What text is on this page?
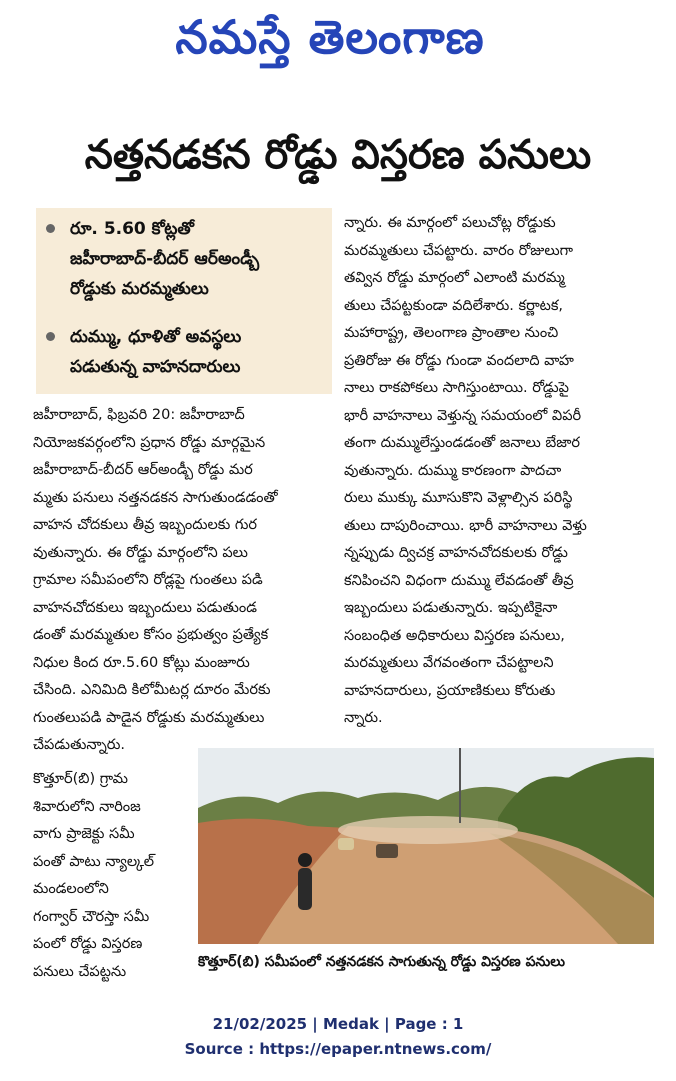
నమస్తే తెలంగాణ
నత్తనడకన రోడ్డు విస్తరణ పనులు
రూ. 5.60 కోట్లతో
జహీరాబాద్-బీదర్ ఆర్అండ్బీ
రోడ్డుకు మరమ్మతులు
దుమ్ము, ధూళితో అవస్థలు
పడుతున్న వాహనదారులు

జహీరాబాద్, ఫిబ్రవరి 20: జహీరాబాద్

నియోజకవర్గంలోని ప్రధాన రోడ్డు మార్గమైన

జహీరాబాద్-బీదర్ ఆర్అండ్బీ రోడ్డు మర

మ్మతు పనులు నత్తనడకన సాగుతుండడంతో

వాహన చోదకులు తీవ్ర ఇబ్బందులకు గుర

వుతున్నారు. ఈ రోడ్డు మార్గంలోని పలు

గ్రామాల సమీపంలోని రోడ్లపై గుంతలు పడి

వాహనచోదకులు ఇబ్బందులు పడుతుండ

డంతో మరమ్మతుల కోసం ప్రభుత్వం ప్రత్యేక

నిధుల కింద రూ.5.60 కోట్లు మంజూరు

చేసింది. ఎనిమిది కిలోమీటర్ల దూరం మేరకు

గుంతలుపడి పాడైన రోడ్డుకు మరమ్మతులు

చేపడుతున్నారు.

కొత్తూర్(బి) గ్రామ

శివారులోని నారింజ

వాగు ప్రాజెక్టు సమీ

పంతో పాటు న్యాల్కల్

మండలంలోని

గంగ్వార్ చౌరస్తా సమీ

పంలో రోడ్డు విస్తరణ

పనులు చేపట్టను

న్నారు. ఈ మార్గంలో పలుచోట్ల రోడ్డుకు

మరమ్మతులు చేపట్టారు. వారం రోజులుగా

తవ్విన రోడ్డు మార్గంలో ఎలాంటి మరమ్మ

తులు చేపట్టకుండా వదిలేశారు. కర్ణాటక,

మహారాష్ట్ర, తెలంగాణ ప్రాంతాల నుంచి

ప్రతిరోజు ఈ రోడ్డు గుండా వందలాది వాహ

నాలు రాకపోకలు సాగిస్తుంటాయి. రోడ్డుపై

భారీ వాహనాలు వెళ్తున్న సమయంలో విపరీ

తంగా దుమ్ములేస్తుండడంతో జనాలు బేజార

వుతున్నారు. దుమ్ము కారణంగా పాదచా

రులు ముక్కు మూసుకొని వెళ్లాల్సిన పరిస్థి

తులు దాపురించాయి. భారీ వాహనాలు వెళ్తు

న్నప్పుడు ద్విచక్ర వాహనచోదకులకు రోడ్డు

కనిపించని విధంగా దుమ్ము లేవడంతో తీవ్ర

ఇబ్బందులు పడుతున్నారు. ఇప్పటికైనా

సంబంధిత అధికారులు విస్తరణ పనులు,

మరమ్మతులు వేగవంతంగా చేపట్టాలని

వాహనదారులు, ప్రయాణికులు కోరుతు

న్నారు.

కొత్తూర్(బి) సమీపంలో నత్తనడకన సాగుతున్న రోడ్డు విస్తరణ పనులు
21/02/2025 | Medak | Page : 1
Source : https://epaper.ntnews.com/
